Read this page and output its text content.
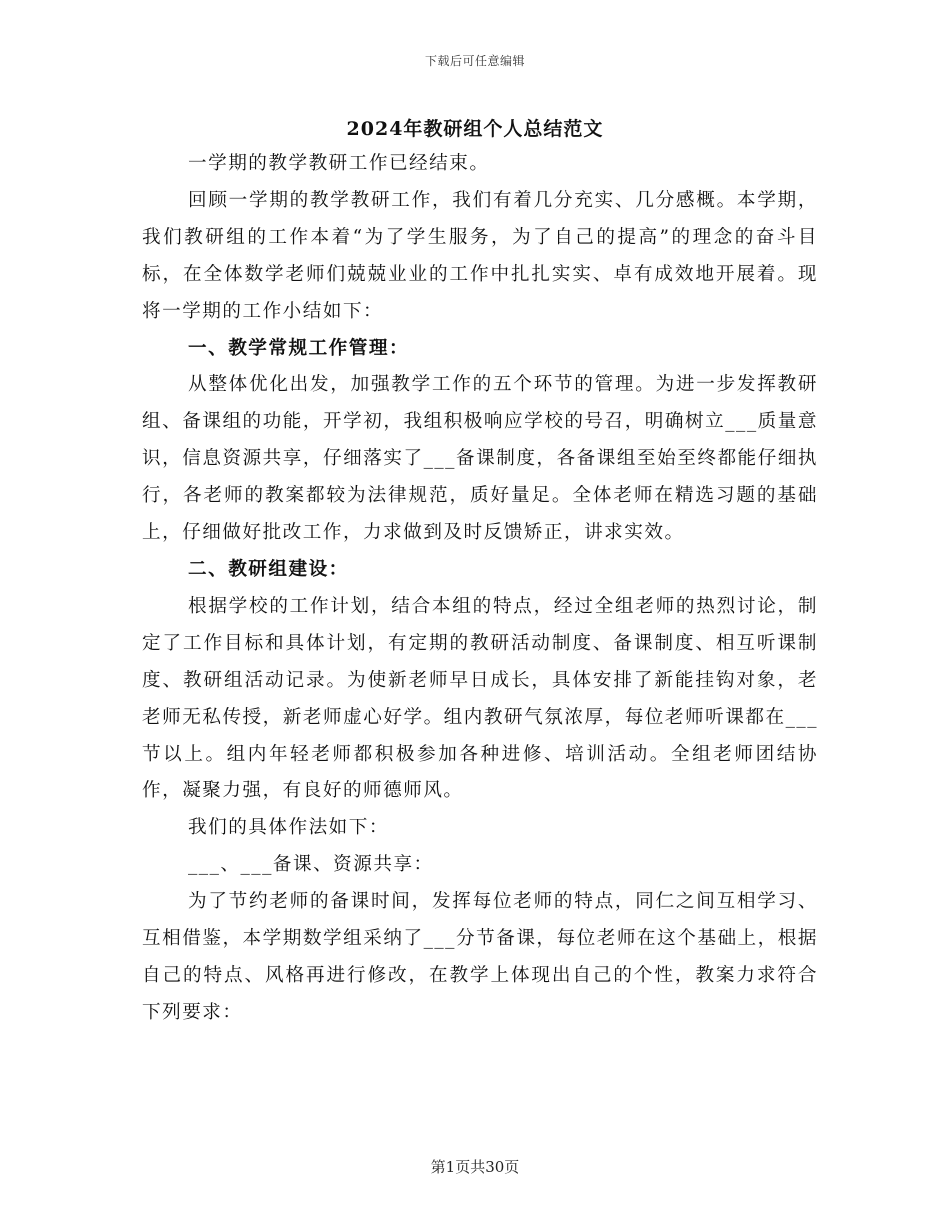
下载后可任意编辑
2024年教研组个人总结范文

一学期的教学教研工作已经结束。

回顾一学期的教学教研工作，我们有着几分充实、几分感概。本学期，我们教研组的工作本着“为了学生服务，为了自己的提高”的理念的奋斗目标，在全体数学老师们兢兢业业的工作中扎扎实实、卓有成效地开展着。现将一学期的工作小结如下：

一、教学常规工作管理：

从整体优化出发，加强教学工作的五个环节的管理。为进一步发挥教研组、备课组的功能，开学初，我组积极响应学校的号召，明确树立___质量意识，信息资源共享，仔细落实了___备课制度，各备课组至始至终都能仔细执行，各老师的教案都较为法律规范，质好量足。全体老师在精选习题的基础上，仔细做好批改工作，力求做到及时反馈矫正，讲求实效。

二、教研组建设：

根据学校的工作计划，结合本组的特点，经过全组老师的热烈讨论，制定了工作目标和具体计划，有定期的教研活动制度、备课制度、相互听课制度、教研组活动记录。为使新老师早日成长，具体安排了新能挂钩对象，老老师无私传授，新老师虚心好学。组内教研气氛浓厚，每位老师听课都在___节以上。组内年轻老师都积极参加各种进修、培训活动。全组老师团结协作，凝聚力强，有良好的师德师风。

我们的具体作法如下：

___、___备课、资源共享：

为了节约老师的备课时间，发挥每位老师的特点，同仁之间互相学习、互相借鉴，本学期数学组采纳了___分节备课，每位老师在这个基础上，根据自己的特点、风格再进行修改，在教学上体现出自己的个性，教案力求符合下列要求：

第1页共30页
